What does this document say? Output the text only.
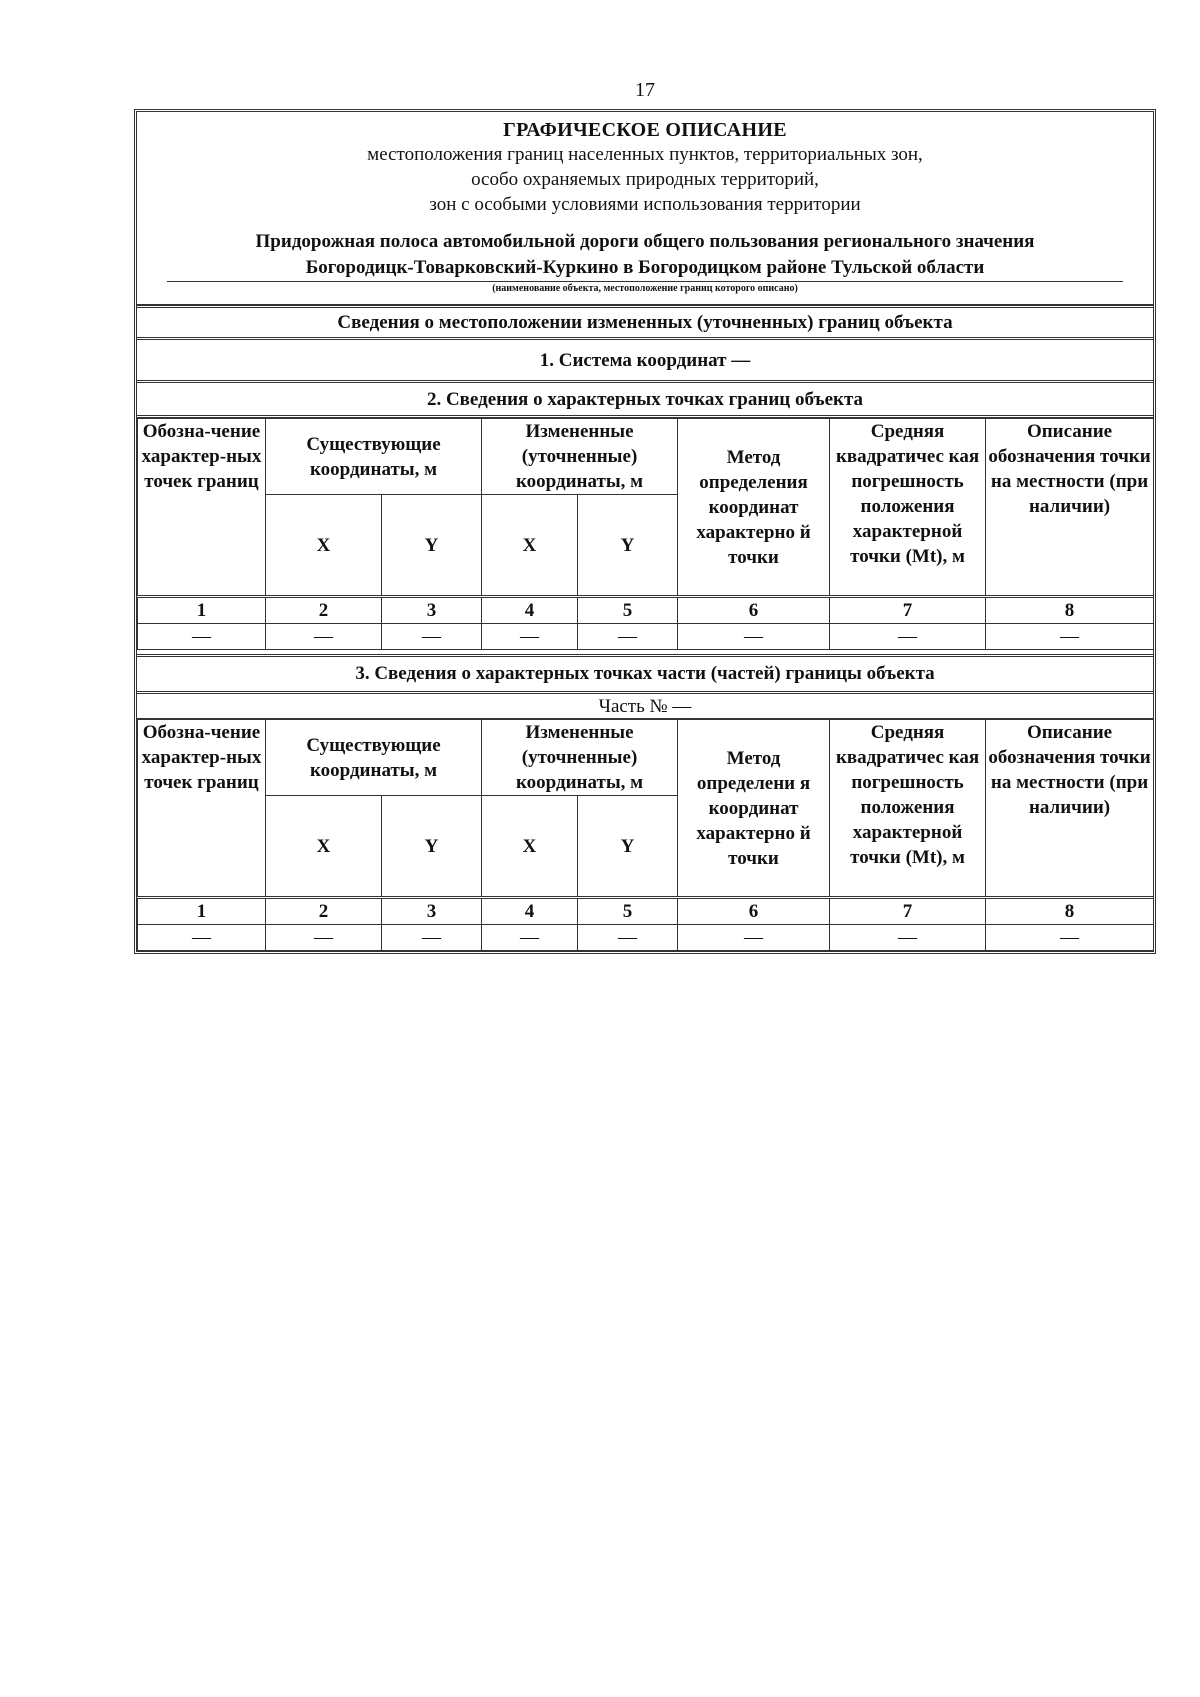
17
ГРАФИЧЕСКОЕ ОПИСАНИЕ
местоположения границ населенных пунктов, территориальных зон,
особо охраняемых природных территорий,
зон с особыми условиями использования территории
Придорожная полоса автомобильной дороги общего пользования регионального значения
Богородицк-Товарковский-Куркино в Богородицком районе Тульской области
(наименование объекта, местоположение границ которого описано)
Сведения о местоположении измененных (уточненных) границ объекта
1. Система координат —
2. Сведения о характерных точках границ объекта
Обозна-чение характер-ных точек границ	Существующие координаты, м		Измененные (уточненные) координаты, м		Метод определения координат характерно й точки	Средняя квадратичес кая погрешность положения характерной точки (Mt), м	Описание обозначения точки на местности (при наличии)
	X	Y	X	Y			
1	2	3	4	5	6	7	8
—	—	—	—	—	—	—	—
3. Сведения о характерных точках части (частей) границы объекта
Часть № —
Обозна-чение характер-ных точек границ	Существующие координаты, м		Измененные (уточненные) координаты, м		Метод определени я координат характерно й точки	Средняя квадратичес кая погрешность положения характерной точки (Mt), м	Описание обозначения точки на местности (при наличии)
	X	Y	X	Y			
1	2	3	4	5	6	7	8
—	—	—	—	—	—	—	—
